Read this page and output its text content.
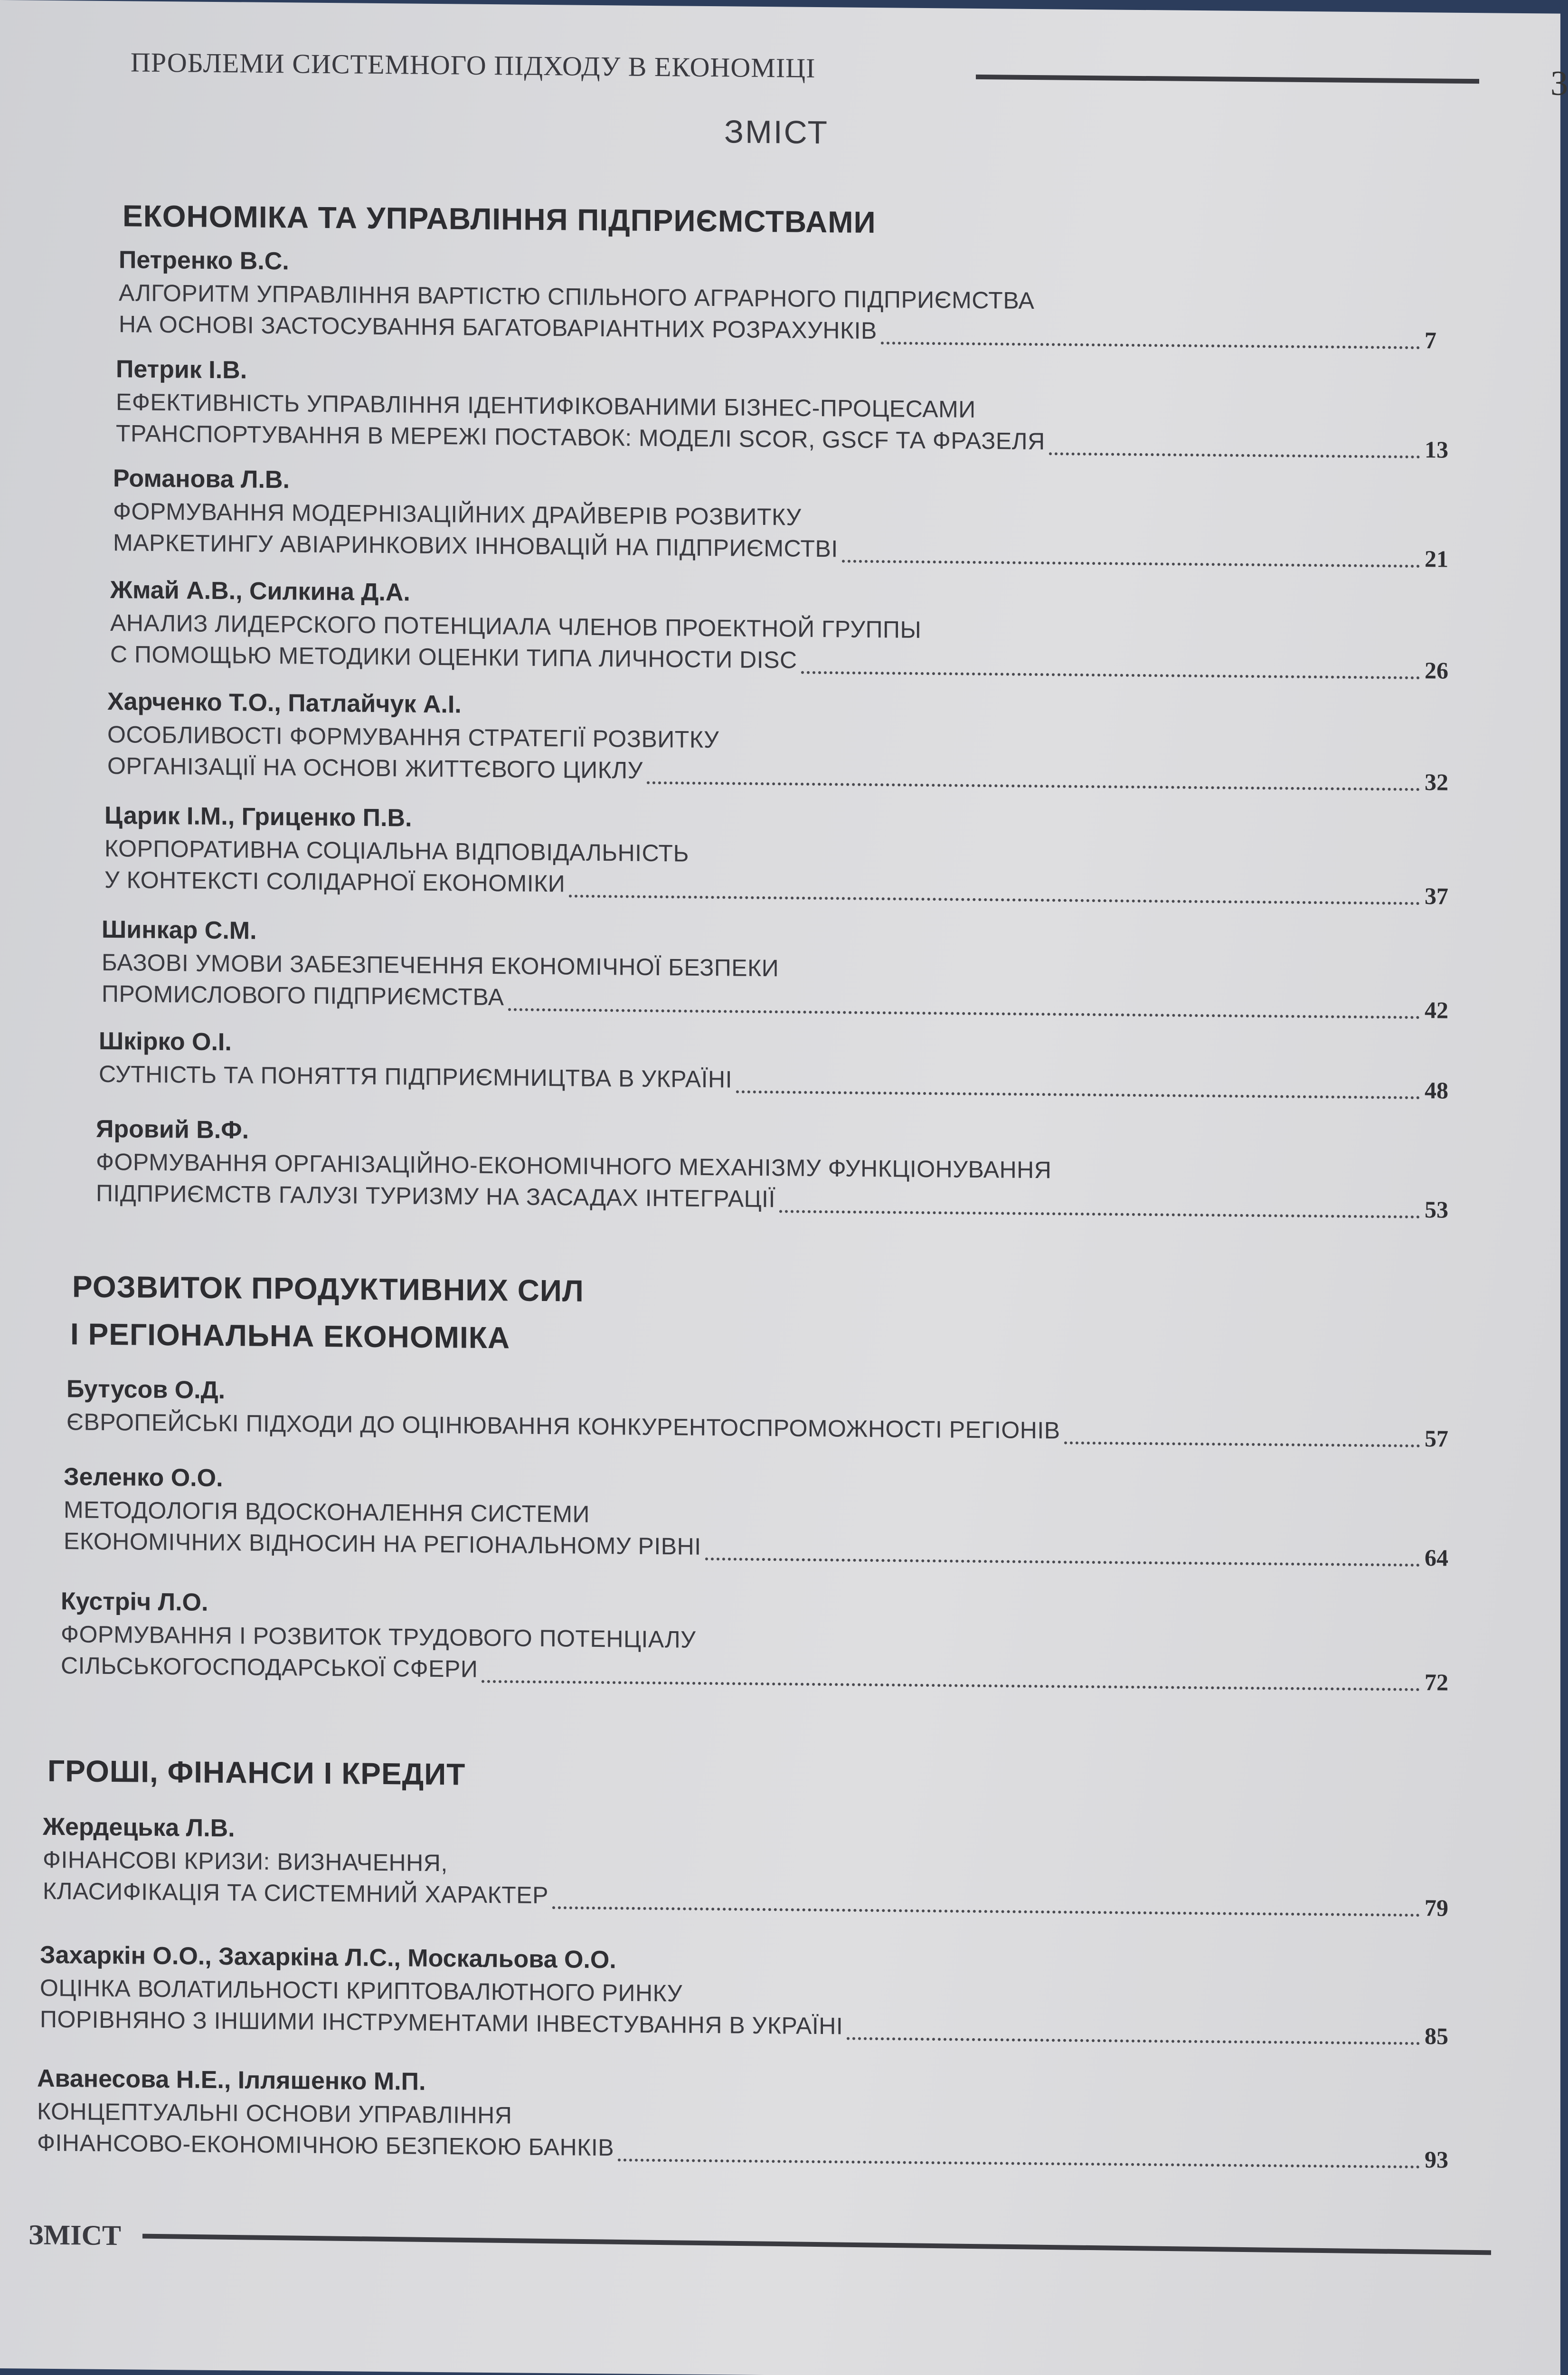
ПРОБЛЕМИ СИСТЕМНОГО ПІДХОДУ В ЕКОНОМІЦІ	3
ЗМІСТ
ЕКОНОМІКА ТА УПРАВЛІННЯ ПІДПРИЄМСТВАМИ
Петренко В.С.
АЛГОРИТМ УПРАВЛІННЯ ВАРТІСТЮ СПІЛЬНОГО АГРАРНОГО ПІДПРИЄМСТВА
НА ОСНОВІ ЗАСТОСУВАННЯ БАГАТОВАРІАНТНИХ РОЗРАХУНКІВ	7
Петрик І.В.
ЕФЕКТИВНІСТЬ УПРАВЛІННЯ ІДЕНТИФІКОВАНИМИ БІЗНЕС-ПРОЦЕСАМИ
ТРАНСПОРТУВАННЯ В МЕРЕЖІ ПОСТАВОК: МОДЕЛІ SCOR, GSCF ТА ФРАЗЕЛЯ	13
Романова Л.В.
ФОРМУВАННЯ МОДЕРНІЗАЦІЙНИХ ДРАЙВЕРІВ РОЗВИТКУ
МАРКЕТИНГУ АВІАРИНКОВИХ ІННОВАЦІЙ НА ПІДПРИЄМСТВІ	21
Жмай А.В., Силкина Д.А.
АНАЛИЗ ЛИДЕРСКОГО ПОТЕНЦИАЛА ЧЛЕНОВ ПРОЕКТНОЙ ГРУППЫ
С ПОМОЩЬЮ МЕТОДИКИ ОЦЕНКИ ТИПА ЛИЧНОСТИ DISC	26
Харченко Т.О., Патлайчук А.І.
ОСОБЛИВОСТІ ФОРМУВАННЯ СТРАТЕГІЇ РОЗВИТКУ
ОРГАНІЗАЦІЇ НА ОСНОВІ ЖИТТЄВОГО ЦИКЛУ	32
Царик І.М., Гриценко П.В.
КОРПОРАТИВНА СОЦІАЛЬНА ВІДПОВІДАЛЬНІСТЬ
У КОНТЕКСТІ СОЛІДАРНОЇ ЕКОНОМІКИ	37
Шинкар С.М.
БАЗОВІ УМОВИ ЗАБЕЗПЕЧЕННЯ ЕКОНОМІЧНОЇ БЕЗПЕКИ
ПРОМИСЛОВОГО ПІДПРИЄМСТВА	42
Шкірко О.І.
СУТНІСТЬ ТА ПОНЯТТЯ ПІДПРИЄМНИЦТВА В УКРАЇНІ	48
Яровий В.Ф.
ФОРМУВАННЯ ОРГАНІЗАЦІЙНО-ЕКОНОМІЧНОГО МЕХАНІЗМУ ФУНКЦІОНУВАННЯ
ПІДПРИЄМСТВ ГАЛУЗІ ТУРИЗМУ НА ЗАСАДАХ ІНТЕГРАЦІЇ	53
РОЗВИТОК ПРОДУКТИВНИХ СИЛ
І РЕГІОНАЛЬНА ЕКОНОМІКА
Бутусов О.Д.
ЄВРОПЕЙСЬКІ ПІДХОДИ ДО ОЦІНЮВАННЯ КОНКУРЕНТОСПРОМОЖНОСТІ РЕГІОНІВ	57
Зеленко О.О.
МЕТОДОЛОГІЯ ВДОСКОНАЛЕННЯ СИСТЕМИ
ЕКОНОМІЧНИХ ВІДНОСИН НА РЕГІОНАЛЬНОМУ РІВНІ	64
Кустріч Л.О.
ФОРМУВАННЯ І РОЗВИТОК ТРУДОВОГО ПОТЕНЦІАЛУ
СІЛЬСЬКОГОСПОДАРСЬКОЇ СФЕРИ	72
ГРОШІ, ФІНАНСИ І КРЕДИТ
Жердецька Л.В.
ФІНАНСОВІ КРИЗИ: ВИЗНАЧЕННЯ,
КЛАСИФІКАЦІЯ ТА СИСТЕМНИЙ ХАРАКТЕР	79
Захаркін О.О., Захаркіна Л.С., Москальова О.О.
ОЦІНКА ВОЛАТИЛЬНОСТІ КРИПТОВАЛЮТНОГО РИНКУ
ПОРІВНЯНО З ІНШИМИ ІНСТРУМЕНТАМИ ІНВЕСТУВАННЯ В УКРАЇНІ	85
Аванесова Н.Е., Ілляшенко М.П.
КОНЦЕПТУАЛЬНІ ОСНОВИ УПРАВЛІННЯ
ФІНАНСОВО-ЕКОНОМІЧНОЮ БЕЗПЕКОЮ БАНКІВ	93
ЗМІСТ
